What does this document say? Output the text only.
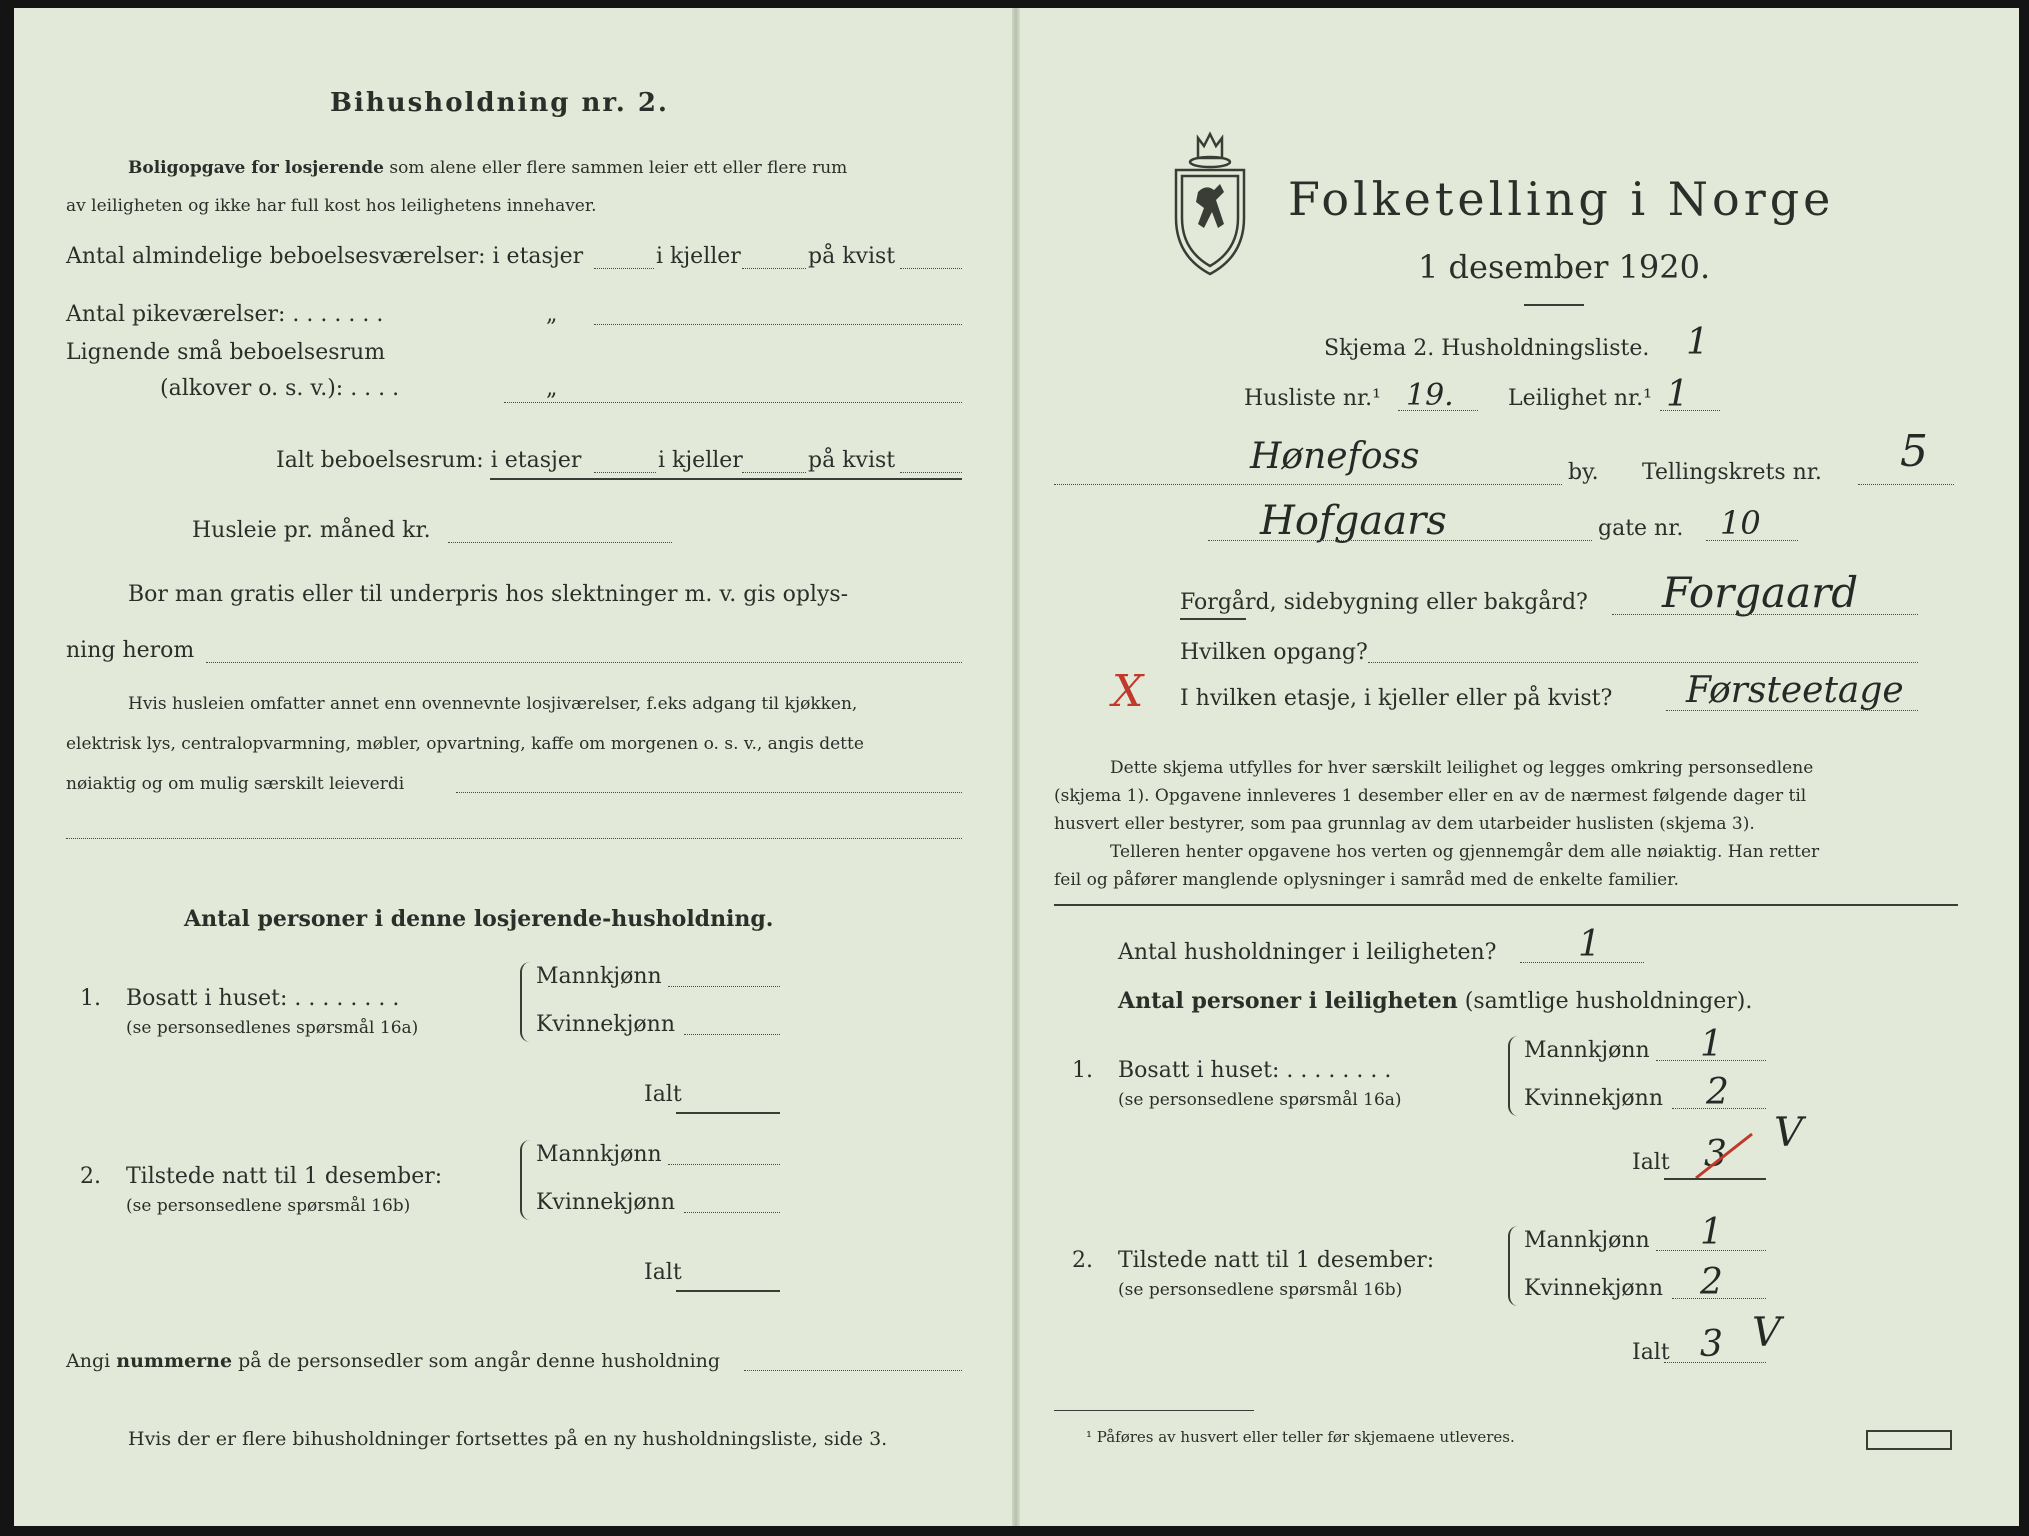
Bihusholdning nr. 2.
Boligopgave for losjerende som alene eller flere sammen leier ett eller flere rum
av leiligheten og ikke har full kost hos leilighetens innehaver.
Antal almindelige beboelsesværelser: i etasjer	i kjeller	på kvist
Antal pikeværelser: . . . . . . .	„
Lignende små beboelsesrum
(alkover o. s. v.): . . . .	„
Ialt beboelsesrum: i etasjer	i kjeller	på kvist
Husleie pr. måned kr.
Bor man gratis eller til underpris hos slektninger m. v. gis oplys-
ning herom
Hvis husleien omfatter annet enn ovennevnte losjiværelser, f.eks adgang til kjøkken,
elektrisk lys, centralopvarmning, møbler, opvartning, kaffe om morgenen o. s. v., angis dette
nøiaktig og om mulig særskilt leieverdi
Antal personer i denne losjerende-husholdning.
1. Bosatt i huset: . . . . . . . .
(se personsedlenes spørsmål 16a)
Mannkjønn
Kvinnekjønn
Ialt
2. Tilstede natt til 1 desember:
(se personsedlene spørsmål 16b)
Mannkjønn
Kvinnekjønn
Ialt
Angi nummerne på de personsedler som angår denne husholdning
Hvis der er flere bihusholdninger fortsettes på en ny husholdningsliste, side 3.
Folketelling i Norge
1 desember 1920.
Skjema 2. Husholdningsliste. 1
Husliste nr.¹ 19. Leilighet nr.¹ 1
Hønefoss	by. Tellingskrets nr. 5
Hofgaars	gate nr. 10
Forgård, sidebygning eller bakgård? Forgaard
Hvilken opgang?
X I hvilken etasje, i kjeller eller på kvist? Førsteetage
Dette skjema utfylles for hver særskilt leilighet og legges omkring personsedlene
(skjema 1). Opgavene innleveres 1 desember eller en av de nærmest følgende dager til
husvert eller bestyrer, som paa grunnlag av dem utarbeider huslisten (skjema 3).
Telleren henter opgavene hos verten og gjennemgår dem alle nøiaktig. Han retter
feil og påfører manglende oplysninger i samråd med de enkelte familier.
Antal husholdninger i leiligheten? 1
Antal personer i leiligheten (samtlige husholdninger).
1. Bosatt i huset: . . . . . . . .
(se personsedlene spørsmål 16a)
Mannkjønn 1
Kvinnekjønn 2
Ialt 3 V
2. Tilstede natt til 1 desember:
(se personsedlene spørsmål 16b)
Mannkjønn 1
Kvinnekjønn 2
Ialt 3 V
¹ Påføres av husvert eller teller før skjemaene utleveres.
